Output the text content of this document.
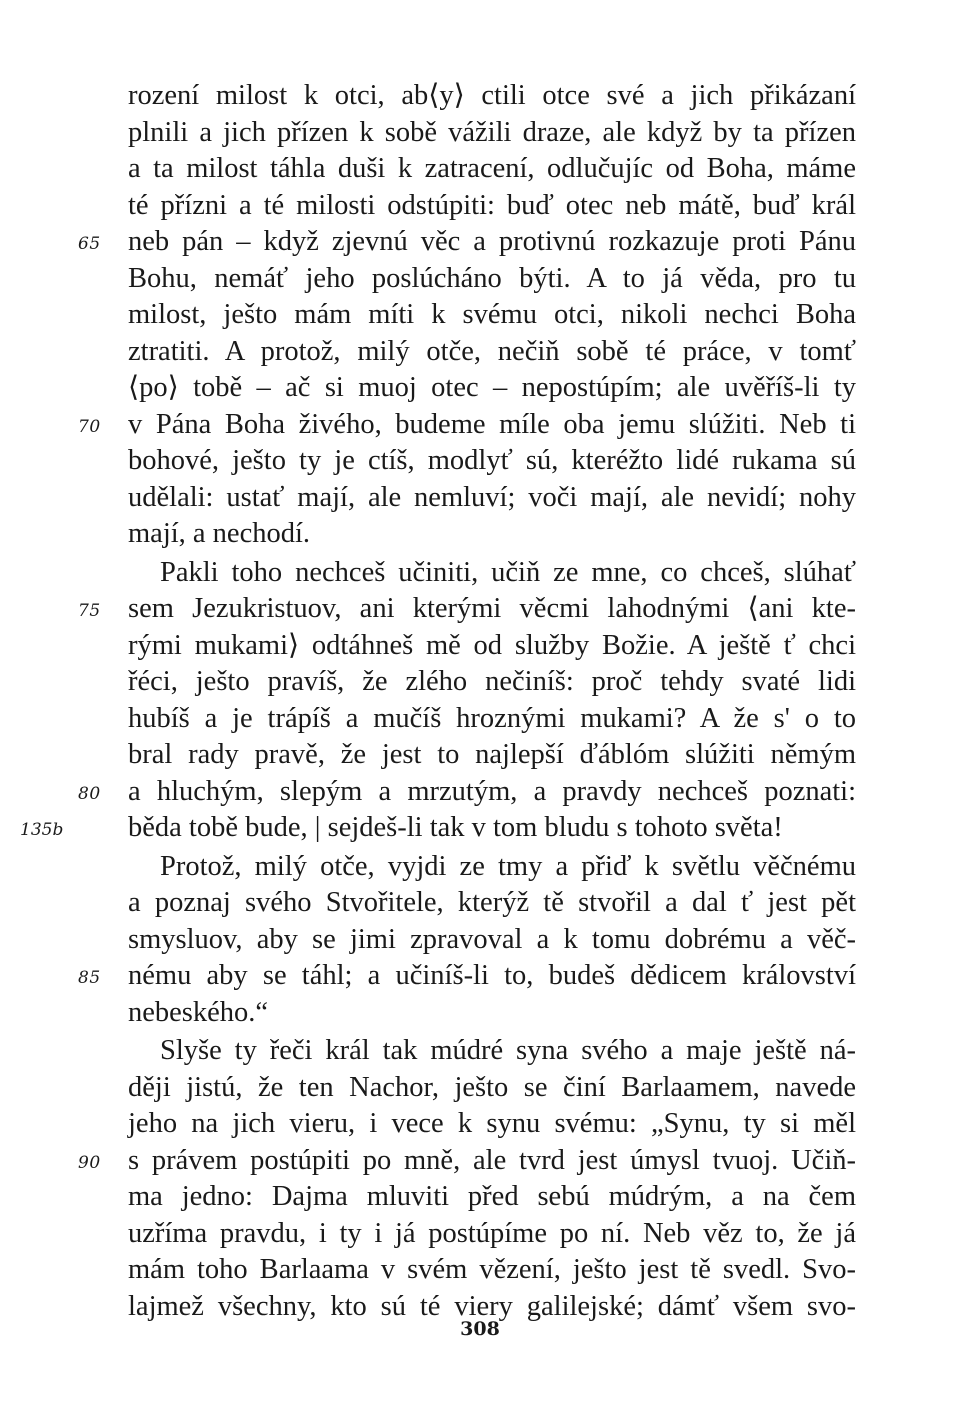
rození milost k otci, ab⟨y⟩ ctili otce své a jich přikázaní
plnili a jich přízen k sobě vážili draze, ale když by ta přízen
a ta milost táhla duši k zatracení, odlučujíc od Boha, máme
té přízni a té milosti odstúpiti: buď otec neb mátě, buď král
neb pán – když zjevnú věc a protivnú rozkazuje proti Pánu
65
Bohu, nemáť jeho poslúcháno býti. A to já věda, pro tu
milost, ješto mám míti k svému otci, nikoli nechci Boha
ztratiti. A protož, milý otče, nečiň sobě té práce, v tomť
⟨po⟩ tobě – ač si muoj otec – nepostúpím; ale uvěříš-li ty
v Pána Boha živého, budeme míle oba jemu slúžiti. Neb ti
70
bohové, ješto ty je ctíš, modlyť sú, kteréžto lidé rukama sú
udělali: ustať mají, ale nemluví; voči mají, ale nevidí; nohy
mají, a nechodí.
Pakli toho nechceš učiniti, učiň ze mne, co chceš, slúhať
sem Jezukristuov, ani kterými věcmi lahodnými ⟨ani kte-
75
rými mukami⟩ odtáhneš mě od služby Božie. A ještě ť chci
řéci, ješto pravíš, že zlého nečiníš: proč tehdy svaté lidi
hubíš a je trápíš a mučíš hroznými mukami? A že s' o to
bral rady pravě, že jest to najlepší ďáblóm slúžiti němým
a hluchým, slepým a mrzutým, a pravdy nechceš poznati:
80
běda tobě bude, | sejdeš-li tak v tom bludu s tohoto světa!
135b
Protož, milý otče, vyjdi ze tmy a přiď k světlu věčnému
a poznaj svého Stvořitele, kterýž tě stvořil a dal ť jest pět
smysluov, aby se jimi zpravoval a k tomu dobrému a věč-
nému aby se táhl; a učiníš-li to, budeš dědicem království
85
nebeského.“
Slyše ty řeči král tak múdré syna svého a maje ještě ná-
ději jistú, že ten Nachor, ješto se činí Barlaamem, navede
jeho na jich vieru, i vece k synu svému: „Synu, ty si měl
s právem postúpiti po mně, ale tvrd jest úmysl tvuoj. Učiň-
90
ma jedno: Dajma mluviti před sebú múdrým, a na čem
uzříma pravdu, i ty i já postúpíme po ní. Neb věz to, že já
mám toho Barlaama v svém vězení, ješto jest tě svedl. Svo-
lajmež všechny, kto sú té viery galilejské; dámť všem svo-
308
